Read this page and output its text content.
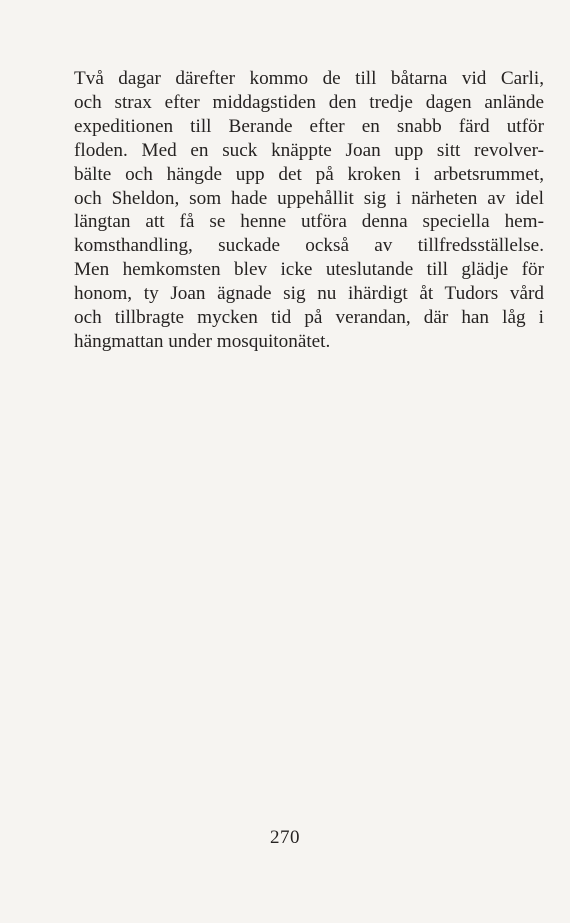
Två dagar därefter kommo de till båtarna vid Carli,
och strax efter middagstiden den tredje dagen anlände
expeditionen till Berande efter en snabb färd utför
floden. Med en suck knäppte Joan upp sitt revolver-
bälte och hängde upp det på kroken i arbetsrummet,
och Sheldon, som hade uppehållit sig i närheten av idel
längtan att få se henne utföra denna speciella hem-
komsthandling, suckade också av tillfredsställelse.
Men hemkomsten blev icke uteslutande till glädje för
honom, ty Joan ägnade sig nu ihärdigt åt Tudors vård
och tillbragte mycken tid på verandan, där han låg i
hängmattan under mosquitonätet.

270
